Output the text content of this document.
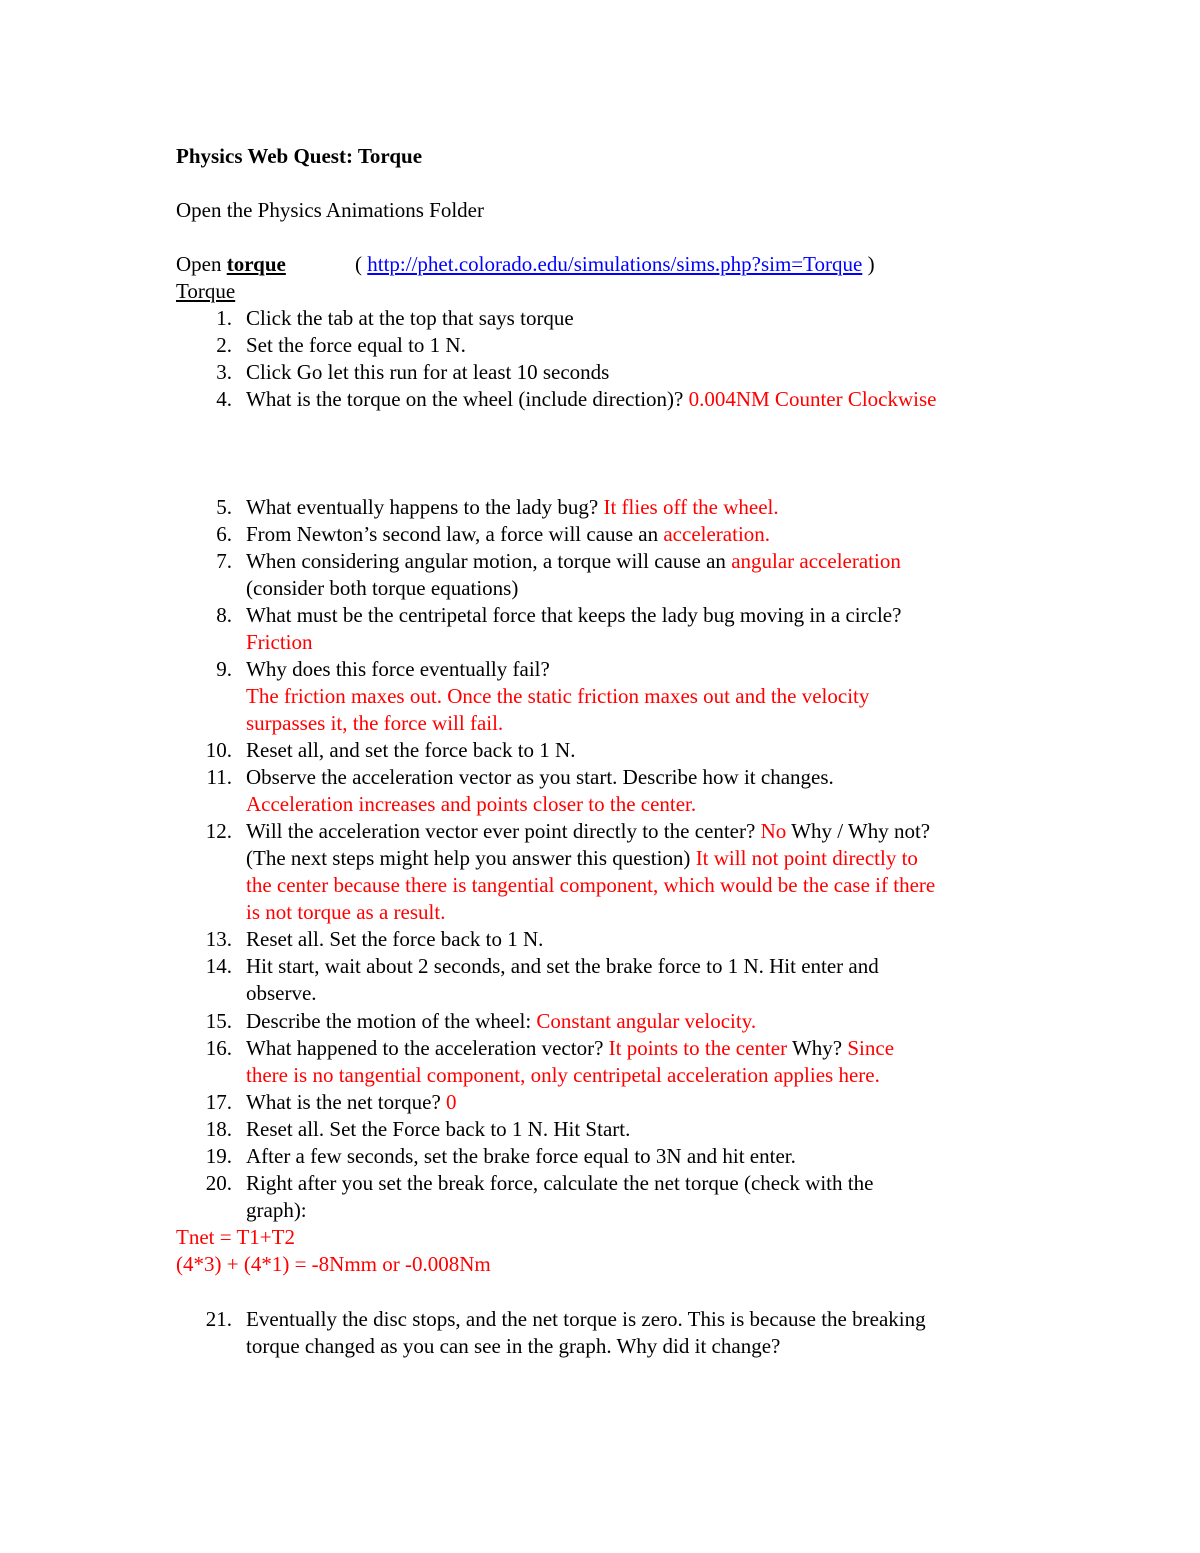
Physics Web Quest: Torque
Open the Physics Animations Folder
Open torque	( http://phet.colorado.edu/simulations/sims.php?sim=Torque )
Torque
1. Click the tab at the top that says torque
2. Set the force equal to 1 N.
3. Click Go let this run for at least 10 seconds
4. What is the torque on the wheel (include direction)? 0.004NM Counter Clockwise
5. What eventually happens to the lady bug? It flies off the wheel.
6. From Newton’s second law, a force will cause an acceleration.
7. When considering angular motion, a torque will cause an angular acceleration
(consider both torque equations)
8. What must be the centripetal force that keeps the lady bug moving in a circle?
Friction
9. Why does this force eventually fail?
The friction maxes out. Once the static friction maxes out and the velocity
surpasses it, the force will fail.
10. Reset all, and set the force back to 1 N.
11. Observe the acceleration vector as you start. Describe how it changes.
Acceleration increases and points closer to the center.
12. Will the acceleration vector ever point directly to the center? No Why / Why not?
(The next steps might help you answer this question) It will not point directly to
the center because there is tangential component, which would be the case if there
is not torque as a result.
13. Reset all. Set the force back to 1 N.
14. Hit start, wait about 2 seconds, and set the brake force to 1 N. Hit enter and
observe.
15. Describe the motion of the wheel: Constant angular velocity.
16. What happened to the acceleration vector? It points to the center Why? Since
there is no tangential component, only centripetal acceleration applies here.
17. What is the net torque? 0
18. Reset all. Set the Force back to 1 N. Hit Start.
19. After a few seconds, set the brake force equal to 3N and hit enter.
20. Right after you set the break force, calculate the net torque (check with the
graph):
21. Eventually the disc stops, and the net torque is zero. This is because the breaking
torque changed as you can see in the graph. Why did it change?
Tnet = T1+T2
(4*3) + (4*1) = -8Nmm or -0.008Nm
